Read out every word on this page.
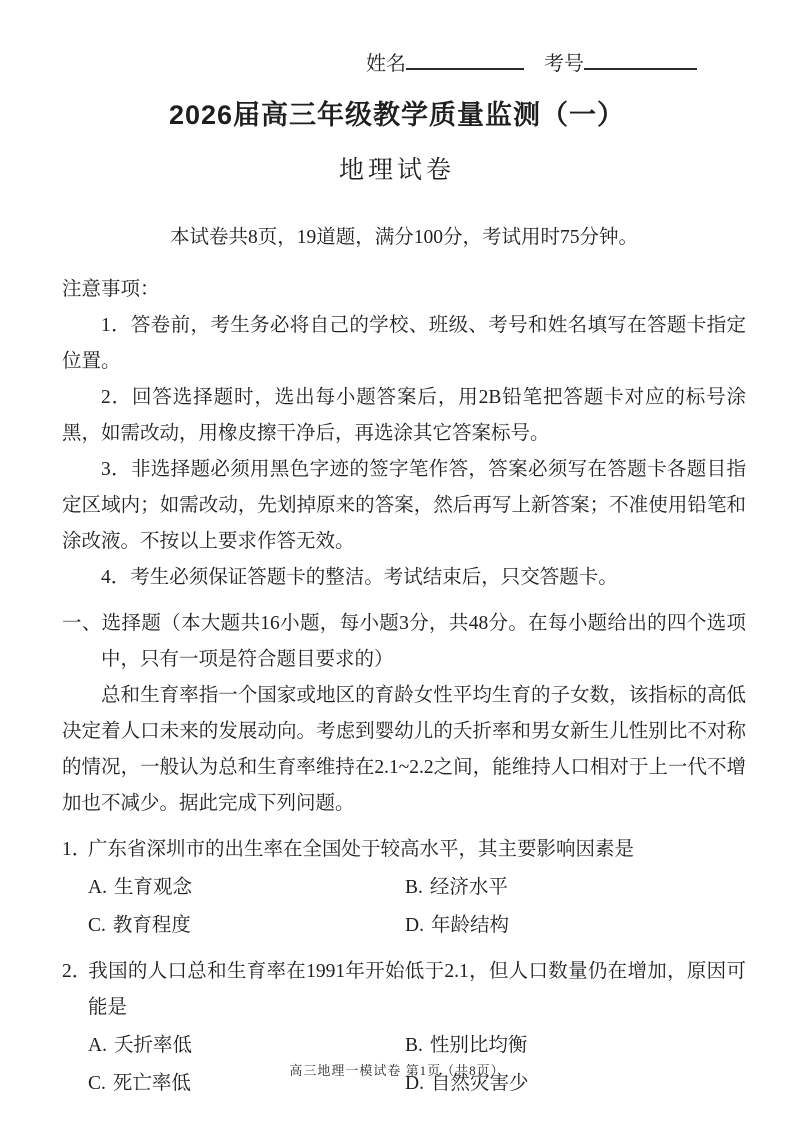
姓名	考号
2026届高三年级教学质量监测（一）
地理试卷

本试卷共8页，19道题，满分100分，考试用时75分钟。

注意事项：

1．答卷前，考生务必将自己的学校、班级、考号和姓名填写在答题卡指定位置。

2．回答选择题时，选出每小题答案后，用2B铅笔把答题卡对应的标号涂黑，如需改动，用橡皮擦干净后，再选涂其它答案标号。

3．非选择题必须用黑色字迹的签字笔作答，答案必须写在答题卡各题目指定区域内；如需改动，先划掉原来的答案，然后再写上新答案；不准使用铅笔和涂改液。不按以上要求作答无效。

4．考生必须保证答题卡的整洁。考试结束后，只交答题卡。

一、选择题（本大题共16小题，每小题3分，共48分。在每小题给出的四个选项中，只有一项是符合题目要求的）

总和生育率指一个国家或地区的育龄女性平均生育的子女数，该指标的高低决定着人口未来的发展动向。考虑到婴幼儿的夭折率和男女新生儿性别比不对称的情况，一般认为总和生育率维持在2.1~2.2之间，能维持人口相对于上一代不增加也不减少。据此完成下列问题。

1．广东省深圳市的出生率在全国处于较高水平，其主要影响因素是

A. 生育观念	B. 经济水平
C. 教育程度	D. 年龄结构

2．我国的人口总和生育率在1991年开始低于2.1，但人口数量仍在增加，原因可能是

A. 夭折率低	B. 性别比均衡
C. 死亡率低	D. 自然灾害少
高三地理一模试卷 第1页（共8页）
